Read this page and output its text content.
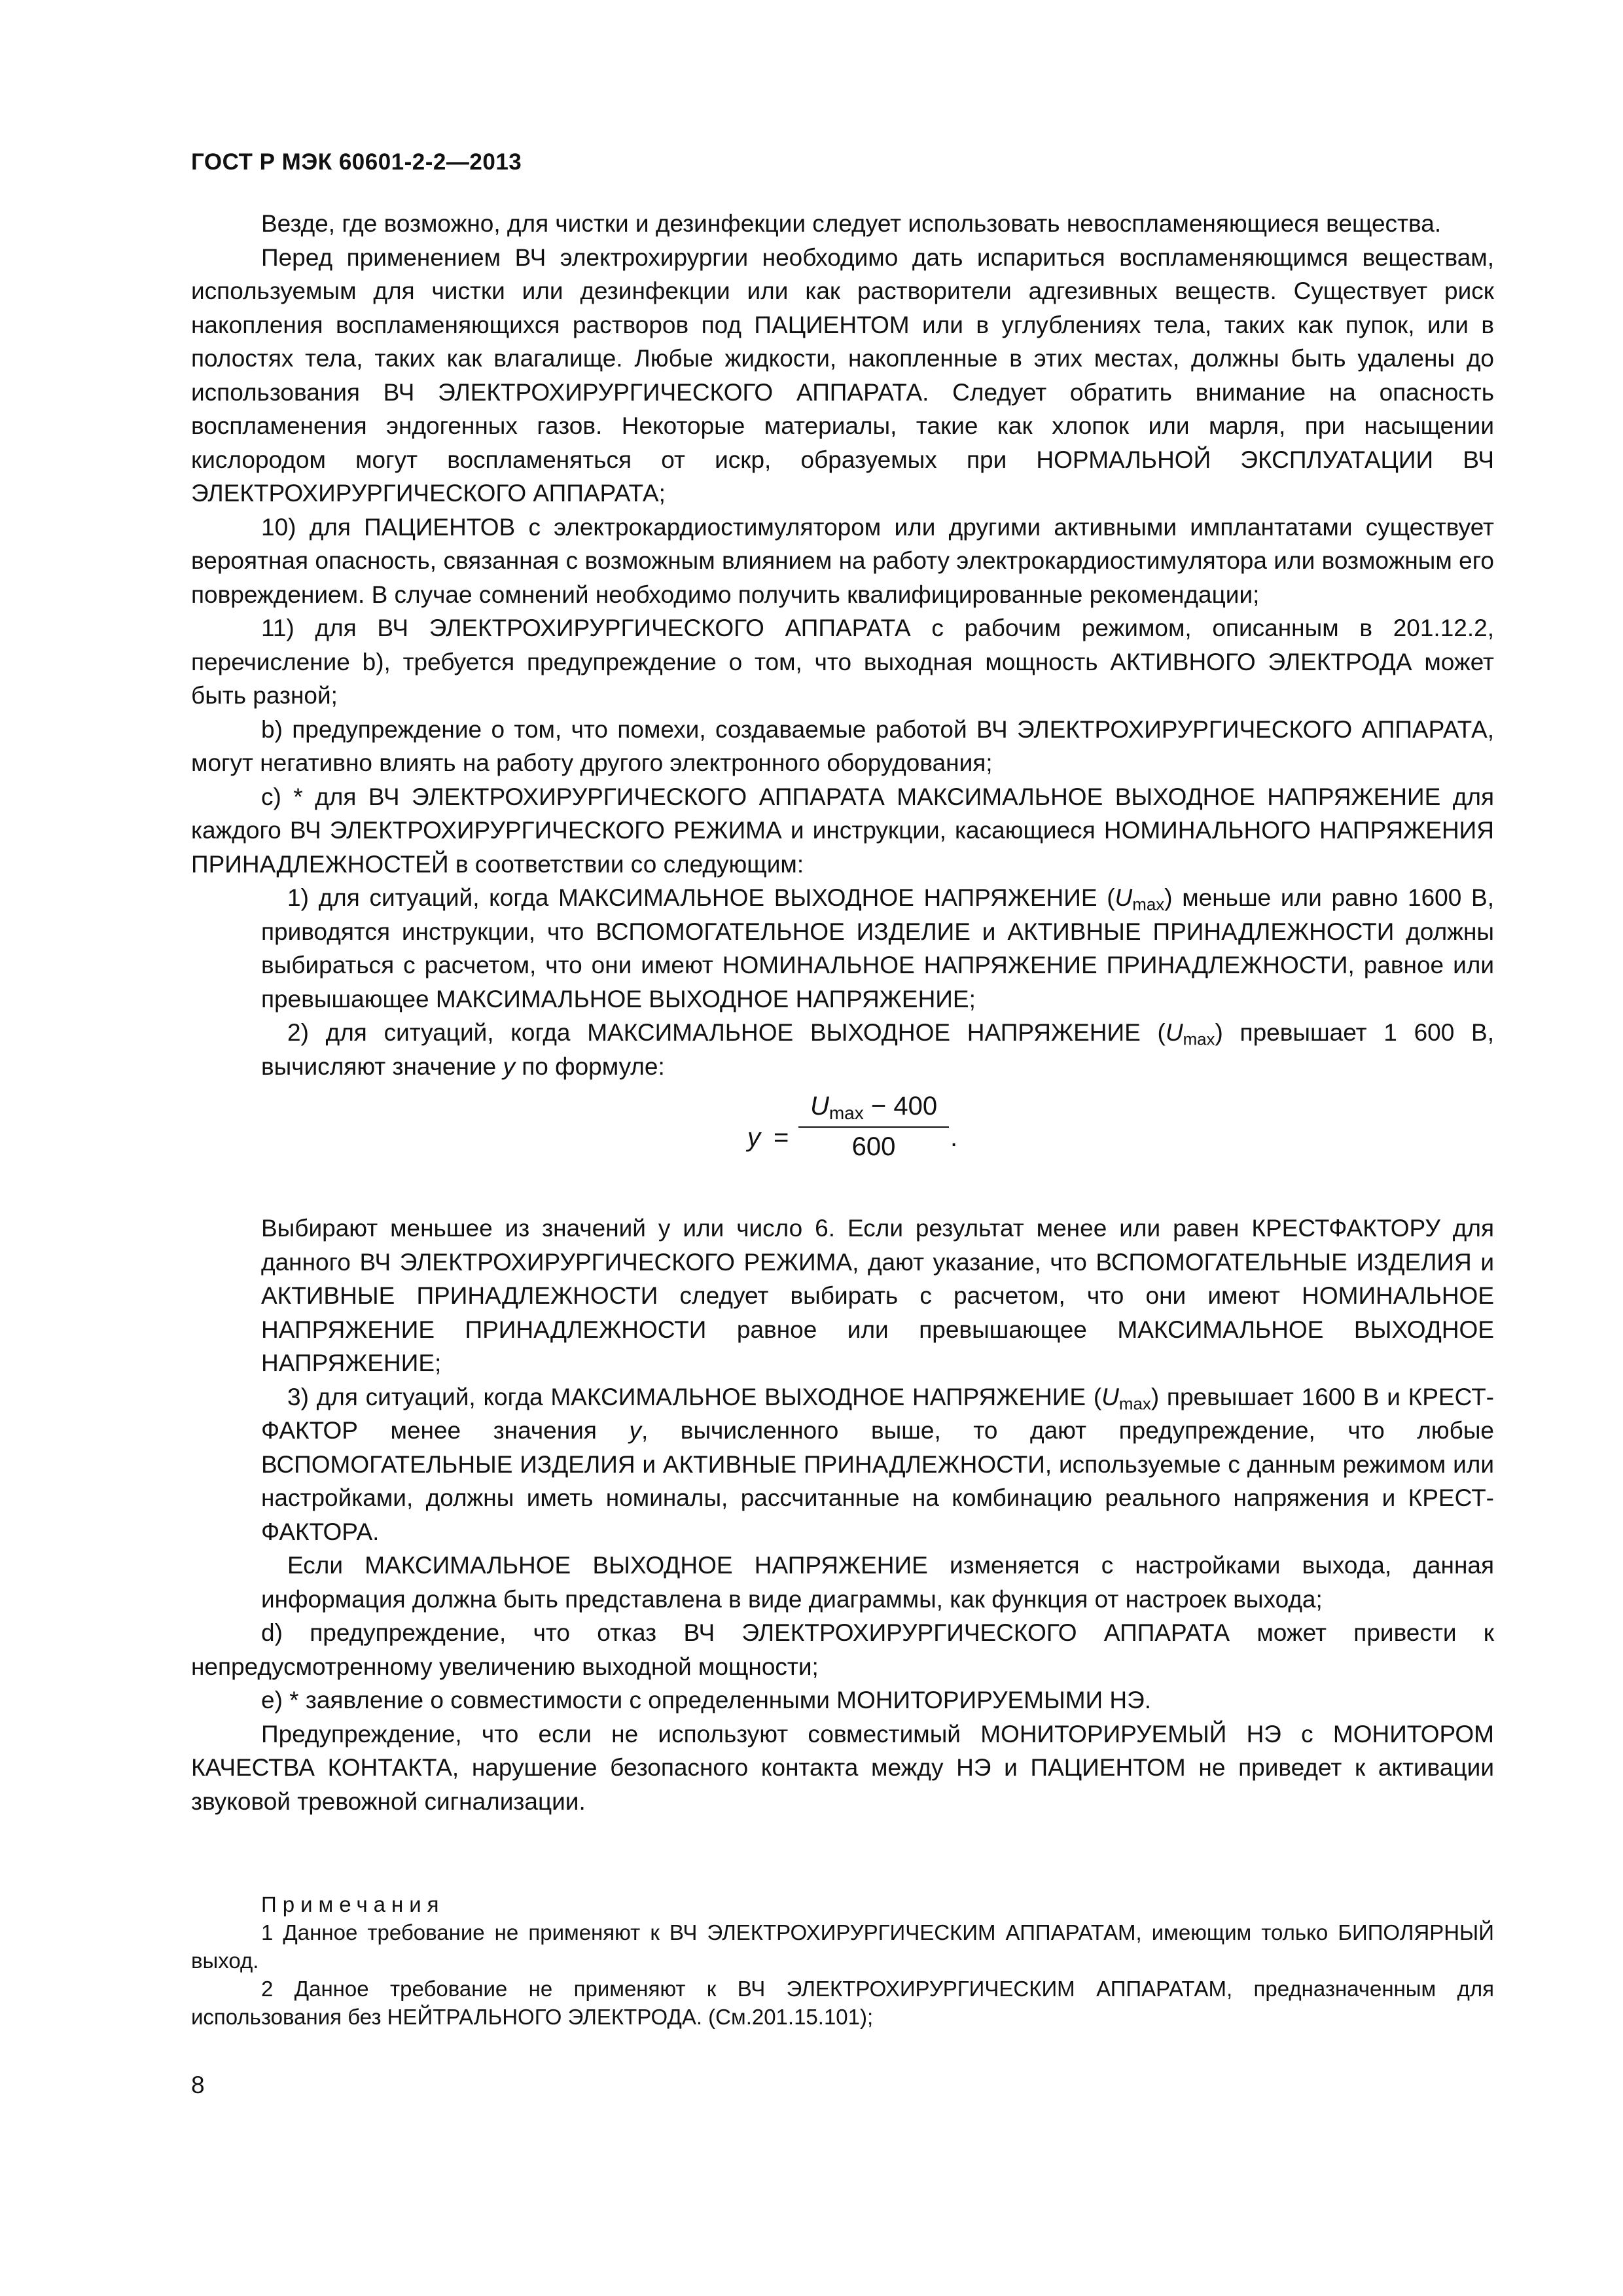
ГОСТ Р МЭК 60601-2-2—2013

Везде, где возможно, для чистки и дезинфекции следует использовать невоспламеняющиеся вещества.

Перед применением ВЧ электрохирургии необходимо дать испариться воспламеняющимся веществам, используемым для чистки или дезинфекции или как растворители адгезивных веществ. Существует риск накопления воспламеняющихся растворов под ПАЦИЕНТОМ или в углублениях тела, таких как пупок, или в полостях тела, таких как влагалище. Любые жидкости, накопленные в этих местах, должны быть удалены до использования ВЧ ЭЛЕКТРОХИРУРГИЧЕСКОГО АППАРАТА. Следует обратить внимание на опасность воспламенения эндогенных газов. Некоторые материалы, такие как хлопок или марля, при насыщении кислородом могут воспламеняться от искр, образуемых при НОРМАЛЬНОЙ ЭКСПЛУАТАЦИИ ВЧ ЭЛЕКТРОХИРУРГИЧЕСКОГО АППАРАТА;

10) для ПАЦИЕНТОВ с электрокардиостимулятором или другими активными имплантатами существует вероятная опасность, связанная с возможным влиянием на работу электрокардиостимулятора или возможным его повреждением. В случае сомнений необходимо получить квалифицированные рекомендации;

11) для ВЧ ЭЛЕКТРОХИРУРГИЧЕСКОГО АППАРАТА с рабочим режимом, описанным в 201.12.2, перечисление b), требуется предупреждение о том, что выходная мощность АКТИВНОГО ЭЛЕКТРОДА может быть разной;

b) предупреждение о том, что помехи, создаваемые работой ВЧ ЭЛЕКТРОХИРУРГИЧЕСКОГО АППАРАТА, могут негативно влиять на работу другого электронного оборудования;

c) * для ВЧ ЭЛЕКТРОХИРУРГИЧЕСКОГО АППАРАТА МАКСИМАЛЬНОЕ ВЫХОДНОЕ НАПРЯЖЕНИЕ для каждого ВЧ ЭЛЕКТРОХИРУРГИЧЕСКОГО РЕЖИМА и инструкции, касающиеся НОМИНАЛЬНОГО НАПРЯЖЕНИЯ ПРИНАДЛЕЖНОСТЕЙ в соответствии со следующим:

1) для ситуаций, когда МАКСИМАЛЬНОЕ ВЫХОДНОЕ НАПРЯЖЕНИЕ $(U_{max})$ меньше или равно 1600 В, приводятся инструкции, что ВСПОМОГАТЕЛЬНОЕ ИЗДЕЛИЕ и АКТИВНЫЕ ПРИНАДЛЕЖНОСТИ должны выбираться с расчетом, что они имеют НОМИНАЛЬНОЕ НАПРЯЖЕНИЕ ПРИНАДЛЕЖНОСТИ, равное или превышающее МАКСИМАЛЬНОЕ ВЫХОДНОЕ НАПРЯЖЕНИЕ;

2) для ситуаций, когда МАКСИМАЛЬНОЕ ВЫХОДНОЕ НАПРЯЖЕНИЕ $(U_{max})$ превышает 1 600 В, вычисляют значение y по формуле:

y =
$U_{max} - 400$
600	.

Выбирают меньшее из значений y или число 6. Если результат менее или равен КРЕСТФАКТОРУ для данного ВЧ ЭЛЕКТРОХИРУРГИЧЕСКОГО РЕЖИМА, дают указание, что ВСПОМОГАТЕЛЬНЫЕ ИЗДЕЛИЯ и АКТИВНЫЕ ПРИНАДЛЕЖНОСТИ следует выбирать с расчетом, что они имеют НОМИНАЛЬНОЕ НАПРЯЖЕНИЕ ПРИНАДЛЕЖНОСТИ равное или превышающее МАКСИМАЛЬНОЕ ВЫХОДНОЕ НАПРЯЖЕНИЕ;

3) для ситуаций, когда МАКСИМАЛЬНОЕ ВЫХОДНОЕ НАПРЯЖЕНИЕ $(U_{max})$ превышает 1600 В и КРЕСТ-ФАКТОР менее значения y, вычисленного выше, то дают предупреждение, что любые ВСПОМОГАТЕЛЬНЫЕ ИЗДЕЛИЯ и АКТИВНЫЕ ПРИНАДЛЕЖНОСТИ, используемые с данным режимом или настройками, должны иметь номиналы, рассчитанные на комбинацию реального напряжения и КРЕСТ-ФАКТОРА.

Если МАКСИМАЛЬНОЕ ВЫХОДНОЕ НАПРЯЖЕНИЕ изменяется с настройками выхода, данная информация должна быть представлена в виде диаграммы, как функция от настроек выхода;

d) предупреждение, что отказ ВЧ ЭЛЕКТРОХИРУРГИЧЕСКОГО АППАРАТА может привести к непредусмотренному увеличению выходной мощности;

e) * заявление о совместимости с определенными МОНИТОРИРУЕМЫМИ НЭ.

Предупреждение, что если не используют совместимый МОНИТОРИРУЕМЫЙ НЭ с МОНИТОРОМ КАЧЕСТВА КОНТАКТА, нарушение безопасного контакта между НЭ и ПАЦИЕНТОМ не приведет к активации звуковой тревожной сигнализации.

Примечания

1 Данное требование не применяют к ВЧ ЭЛЕКТРОХИРУРГИЧЕСКИМ АППАРАТАМ, имеющим только БИПОЛЯРНЫЙ выход.

2 Данное требование не применяют к ВЧ ЭЛЕКТРОХИРУРГИЧЕСКИМ АППАРАТАМ, предназначенным для использования без НЕЙТРАЛЬНОГО ЭЛЕКТРОДА. (См.201.15.101);

8
